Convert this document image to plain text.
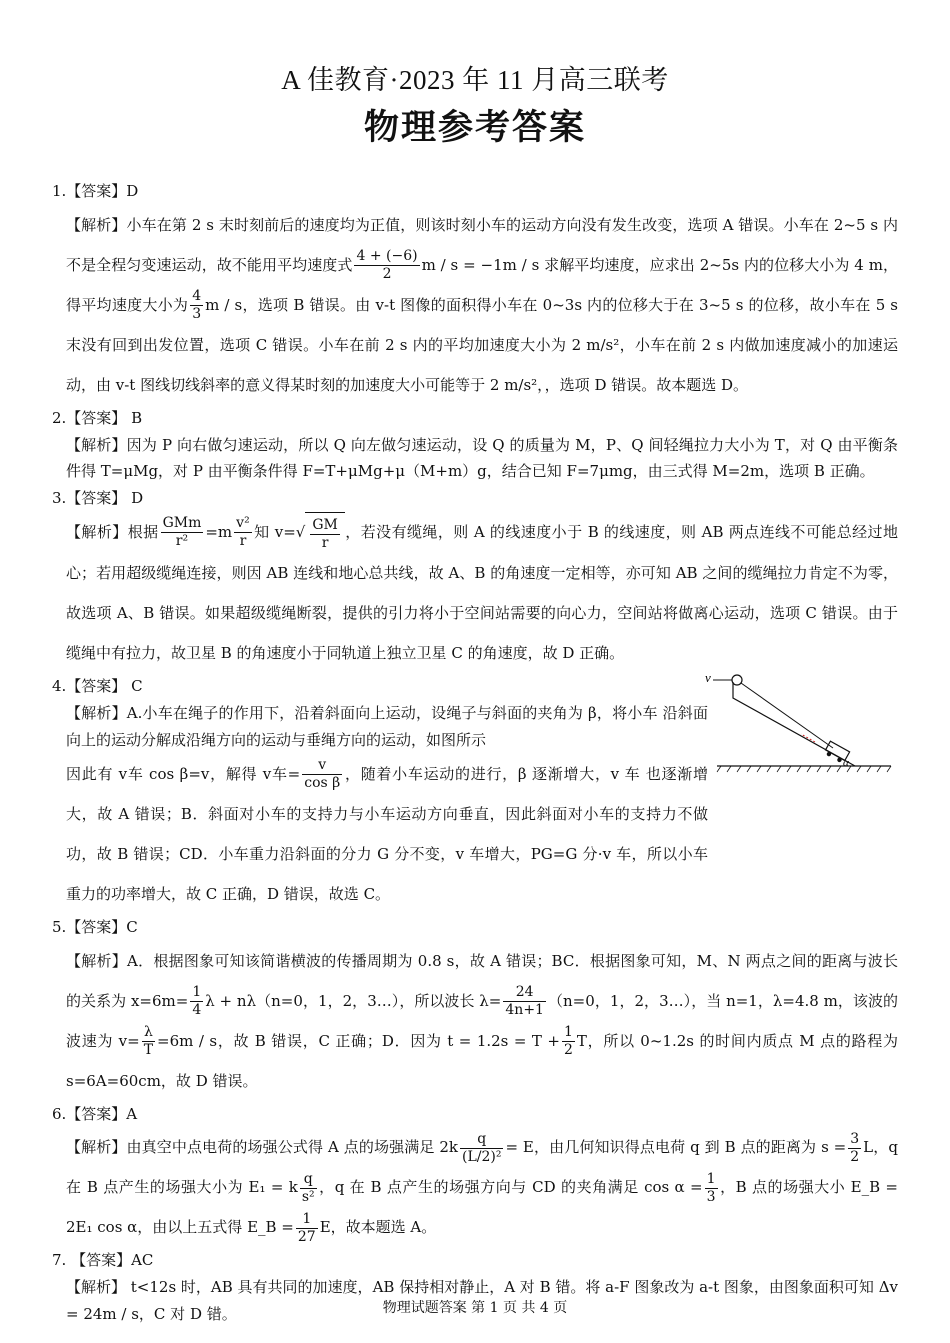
A 佳教育·2023 年 11 月高三联考
物理参考答案
1.【答案】D
【解析】小车在第 2 s 末时刻前后的速度均为正值，则该时刻小车的运动方向没有发生改变，选项 A 错误。小车在 2~5 s 内不是全程匀变速运动，故不能用平均速度式 $\frac{4 + (-6)}{2}$ m / s = −1m / s 求解平均速度，应求出 2~5s 内的位移大小为 4 m，得平均速度大小为 $\frac{4}{3}$ m / s，选项 B 错误。由 v-t 图像的面积得小车在 0~3s 内的位移大于在 3~5 s 的位移，故小车在 5 s 末没有回到出发位置，选项 C 错误。小车在前 2 s 内的平均加速度大小为 2 m/s²，小车在前 2 s 内做加速度减小的加速运动，由 v-t 图线切线斜率的意义得某时刻的加速度大小可能等于 2 m/s²，，选项 D 错误。故本题选 D。
2.【答案】 B
【解析】因为 P 向右做匀速运动，所以 Q 向左做匀速运动，设 Q 的质量为 M，P、Q 间轻绳拉力大小为 T，对 Q 由平衡条件得 T=μMg，对 P 由平衡条件得 F=T+μMg+μ（M+m）g，结合已知 F=7μmg，由三式得 M=2m，选项 B 正确。
3.【答案】 D
【解析】根据 $\frac{\text{GMm}}{\text{r²}} =m \frac{\text{v²}}{r}$ 知 $v=√ \frac{GM}{r}$ ，若没有缆绳，则 A 的线速度小于 B 的线速度，则 AB 两点连线不可能总经过地心；若用超级缆绳连接，则因 AB 连线和地心总共线，故 A、B 的角速度一定相等，亦可知 AB 之间的缆绳拉力肯定不为零，故选项 A、B 错误。如果超级缆绳断裂，提供的引力将小于空间站需要的向心力，空间站将做离心运动，选项 C 错误。由于缆绳中有拉力，故卫星 B 的角速度小于同轨道上独立卫星 C 的角速度，故 D 正确。
4.【答案】 C
【解析】A.小车在绳子的作用下，沿着斜面向上运动，设绳子与斜面的夹角为 β，将小车 沿斜面向上的运动分解成沿绳方向的运动与垂绳方向的运动，如图所示
因此有 v车 cos β=v，解得 v车= $\frac{v}{\text{cos β}}$ ，随着小车运动的进行，β 逐渐增大，v 车 也逐渐增大，故 A 错误；B．斜面对小车的支持力与小车运动方向垂直，因此斜面对小车的支持力不做功，故 B 错误；CD．小车重力沿斜面的分力 G 分不变，v 车增大，PG=G 分·v 车，所以小车重力的功率增大，故 C 正确，D 错误，故选 C。
5.【答案】C
【解析】A．根据图象可知该简谐横波的传播周期为 0.8 s，故 A 错误；BC．根据图象可知，M、N 两点之间的距离与波长的关系为 $x=6m= \frac{1}{4}$ λ + nλ（n=0，1，2，3…），所以波长 $\lambda= \frac{24}{4n+1} (n=0$，1，2，3…），当 n=1，λ=4.8 m，该波的波速为 $v= \frac{\lambda}{T} =6m / s$，故 B 错误，C 正确；D．因为 $t = 1.2s = T + \frac{1}{2}$ T，所以 0~1.2s 的时间内质点 M 点的路程为 s=6A=60cm，故 D 错误。
6.【答案】A
【解析】由真空中点电荷的场强公式得 A 点的场强满足 $2k \frac{q}{\text{(L/2)²}} = E$，由几何知识得点电荷 q 到 B 点的距离为 $s = \frac{3}{2}$ L，q 在 B 点产生的场强大小为 E₁ = k $\frac{q}{\text{s²}}$ ，q 在 B 点产生的场强方向与 CD 的夹角满足 $\cos \alpha = \frac{1}{3}$ ，B 点的场强大小 E_B = 2E₁ cos α，由以上五式得 E_B = $\frac{1}{27}$ E，故本题选 A。
7. 【答案】AC
【解析】 t<12s 时，AB 具有共同的加速度，AB 保持相对静止，A 对 B 错。将 a-F 图象改为 a-t 图象，由图象面积可知 Δv = 24m / s，C 对 D 错。
v
α
物理试题答案 第 1 页 共 4 页
